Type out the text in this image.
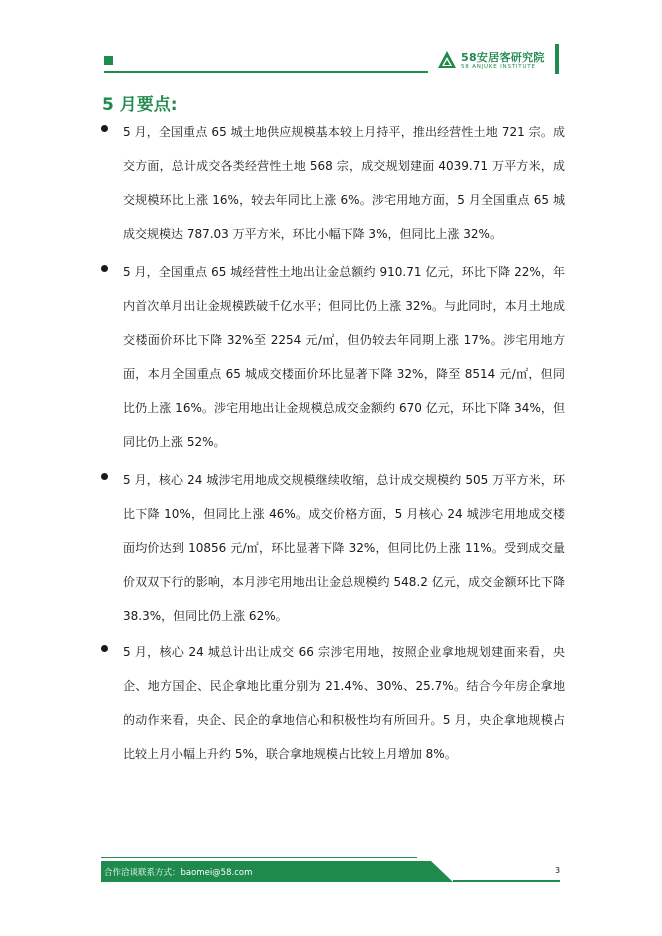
58安居客研究院
58 ANJUKE INSTITUTE
5 月要点:
5 月，全国重点 65 城土地供应规模基本较上月持平，推出经营性土地 721 宗。成交方面，总计成交各类经营性土地 568 宗，成交规划建面 4039.71 万平方米，成交规模环比上涨 16%，较去年同比上涨 6%。涉宅用地方面，5 月全国重点 65 城成交规模达 787.03 万平方米，环比小幅下降 3%，但同比上涨 32%。
5 月，全国重点 65 城经营性土地出让金总额约 910.71 亿元，环比下降 22%，年内首次单月出让金规模跌破千亿水平；但同比仍上涨 32%。与此同时，本月土地成交楼面价环比下降 32%至 2254 元/㎡，但仍较去年同期上涨 17%。涉宅用地方面，本月全国重点 65 城成交楼面价环比显著下降 32%，降至 8514 元/㎡，但同比仍上涨 16%。涉宅用地出让金规模总成交金额约 670 亿元，环比下降 34%，但同比仍上涨 52%。
5 月，核心 24 城涉宅用地成交规模继续收缩，总计成交规模约 505 万平方米，环比下降 10%，但同比上涨 46%。成交价格方面，5 月核心 24 城涉宅用地成交楼面均价达到 10856 元/㎡，环比显著下降 32%，但同比仍上涨 11%。受到成交量价双双下行的影响，本月涉宅用地出让金总规模约 548.2 亿元，成交金额环比下降 38.3%，但同比仍上涨 62%。
5 月，核心 24 城总计出让成交 66 宗涉宅用地，按照企业拿地规划建面来看，央企、地方国企、民企拿地比重分别为 21.4%、30%、25.7%。结合今年房企拿地的动作来看，央企、民企的拿地信心和积极性均有所回升。5 月，央企拿地规模占比较上月小幅上升约 5%，联合拿地规模占比较上月增加 8%。
合作洽谈联系方式：baomei@58.com	3
